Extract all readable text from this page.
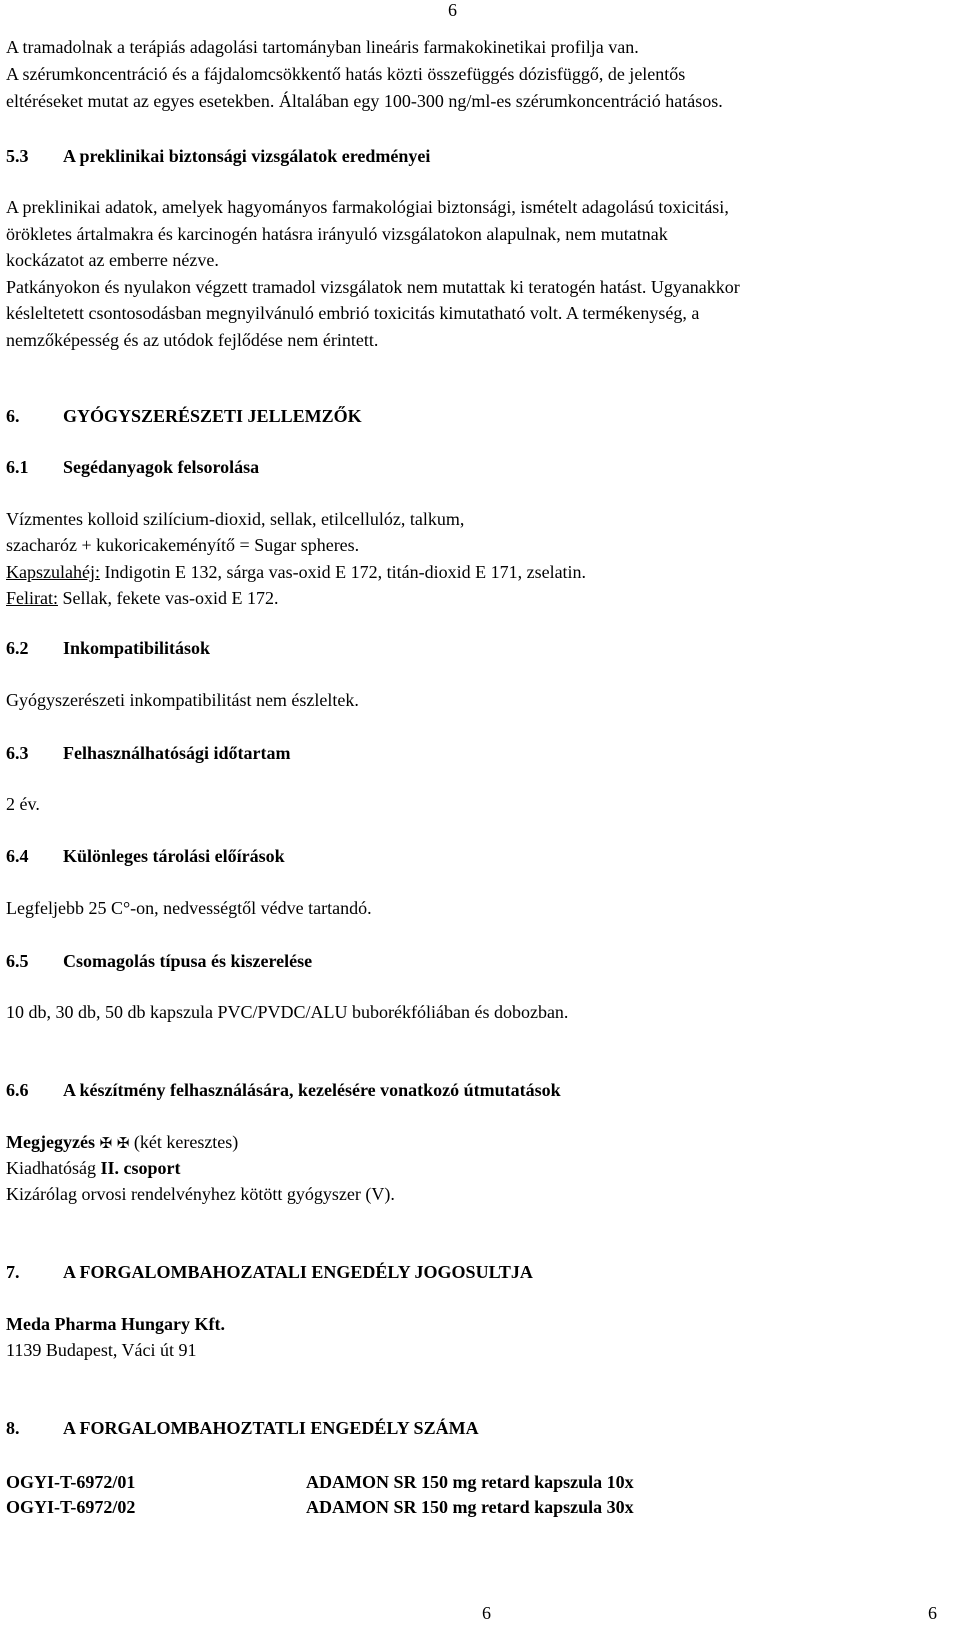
6
A tramadolnak a terápiás adagolási tartományban lineáris farmakokinetikai profilja van.
A szérumkoncentráció és a fájdalomcsökkentő hatás közti összefüggés dózisfüggő, de jelentős
eltéréseket mutat az egyes esetekben. Általában egy 100-300 ng/ml-es szérumkoncentráció hatásos.
5.3 A preklinikai biztonsági vizsgálatok eredményei
A preklinikai adatok, amelyek hagyományos farmakológiai biztonsági, ismételt adagolású toxicitási,
örökletes ártalmakra és karcinogén hatásra irányuló vizsgálatokon alapulnak, nem mutatnak
kockázatot az emberre nézve.
Patkányokon és nyulakon végzett tramadol vizsgálatok nem mutattak ki teratogén hatást. Ugyanakkor
késleltetett csontosodásban megnyilvánuló embrió toxicitás kimutatható volt. A termékenység, a
nemzőképesség és az utódok fejlődése nem érintett.
6. GYÓGYSZERÉSZETI JELLEMZŐK
6.1 Segédanyagok felsorolása
Vízmentes kolloid szilícium-dioxid, sellak, etilcellulóz, talkum,
szacharóz + kukoricakeményítő = Sugar spheres.
Kapszulahéj: Indigotin E 132, sárga vas-oxid E 172, titán-dioxid E 171, zselatin.
Felirat: Sellak, fekete vas-oxid E 172.
6.2 Inkompatibilitások
Gyógyszerészeti inkompatibilitást nem észleltek.
6.3 Felhasználhatósági időtartam
2 év.
6.4 Különleges tárolási előírások
Legfeljebb 25 C°-on, nedvességtől védve tartandó.
6.5 Csomagolás típusa és kiszerelése
10 db, 30 db, 50 db kapszula PVC/PVDC/ALU buborékfóliában és dobozban.
6.6 A készítmény felhasználására, kezelésére vonatkozó útmutatások
Megjegyzés ✠ ✠ (két keresztes)
Kiadhatóság II. csoport
Kizárólag orvosi rendelvényhez kötött gyógyszer (V).
7. A FORGALOMBAHOZATALI ENGEDÉLY JOGOSULTJA
Meda Pharma Hungary Kft.
1139 Budapest, Váci út 91
8. A FORGALOMBAHOZTATLI ENGEDÉLY SZÁMA
OGYI-T-6972/01	ADAMON SR 150 mg retard kapszula 10x
OGYI-T-6972/02	ADAMON SR 150 mg retard kapszula 30x
6	6
